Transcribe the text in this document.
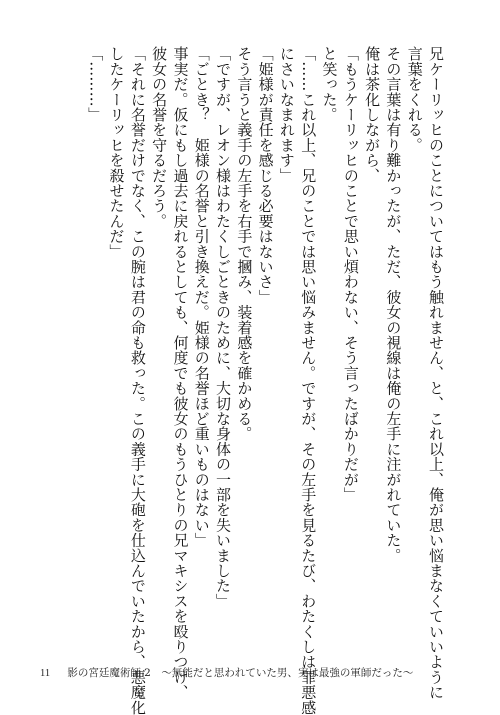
兄ケーリッヒのことについてはもう触れません、と、これ以上、俺が思い悩まなくていいように
言葉をくれる。
その言葉は有り難かったが、ただ、彼女の視線は俺の左手に注がれていた。
俺は茶化しながら、
「もうケーリッヒのことで思い煩わない、そう言ったばかりだが」
と笑った。
「……これ以上、兄のことでは思い悩みません。ですが、その左手を見るたび、わたくしは罪悪感
にさいなまれます」
「姫様が責任を感じる必要はないさ」
そう言うと義手の左手を右手で摑み、装着感を確かめる。
「ですが、レオン様はわたくしごときのために、大切な身体の一部を失いました」
「ごとき？　姫様の名誉と引き換えだ。姫様の名誉ほど重いものはない」
事実だ。仮にもし過去に戻れるとしても、何度でも彼女のもうひとりの兄マキシスを殴りつけ、
彼女の名誉を守るだろう。
「それに名誉だけでなく、この腕は君の命も救った。この義手に大砲を仕込んでいたから、悪魔化
したケーリッヒを殺せたんだ」
「………」
11 影の宮廷魔術師 2　～無能だと思われていた男、実は最強の軍師だった～
